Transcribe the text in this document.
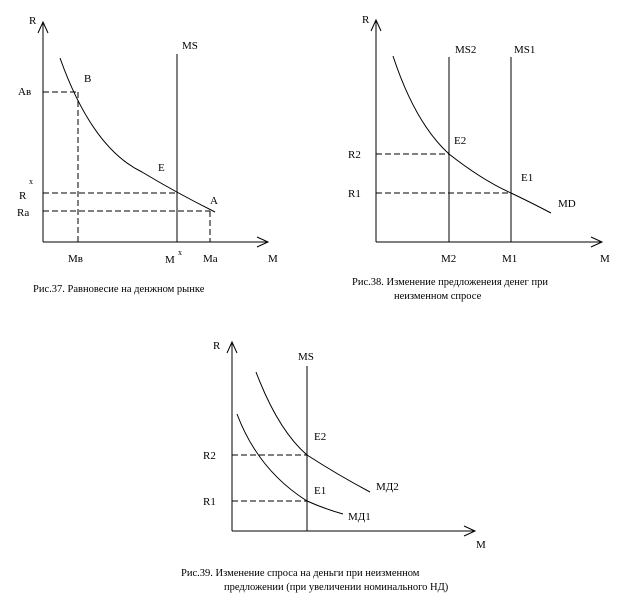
R
M
MS
B
E
A
Aв
R
x
Ra
Mв	M
x
Ma
Рис.37. Равновесие на денжном рынке
R
M
MS2	MS1
E2
E1
MD
R2
R1
M2	M1
Рис.38. Изменение предложенеия денег при
неизменном спросе
R
M
MS
E2
E1	МД2
МД1
R2
R1
Рис.39. Изменение спроса на деньги при неизменном
предложении (при увеличении номинального НД)
